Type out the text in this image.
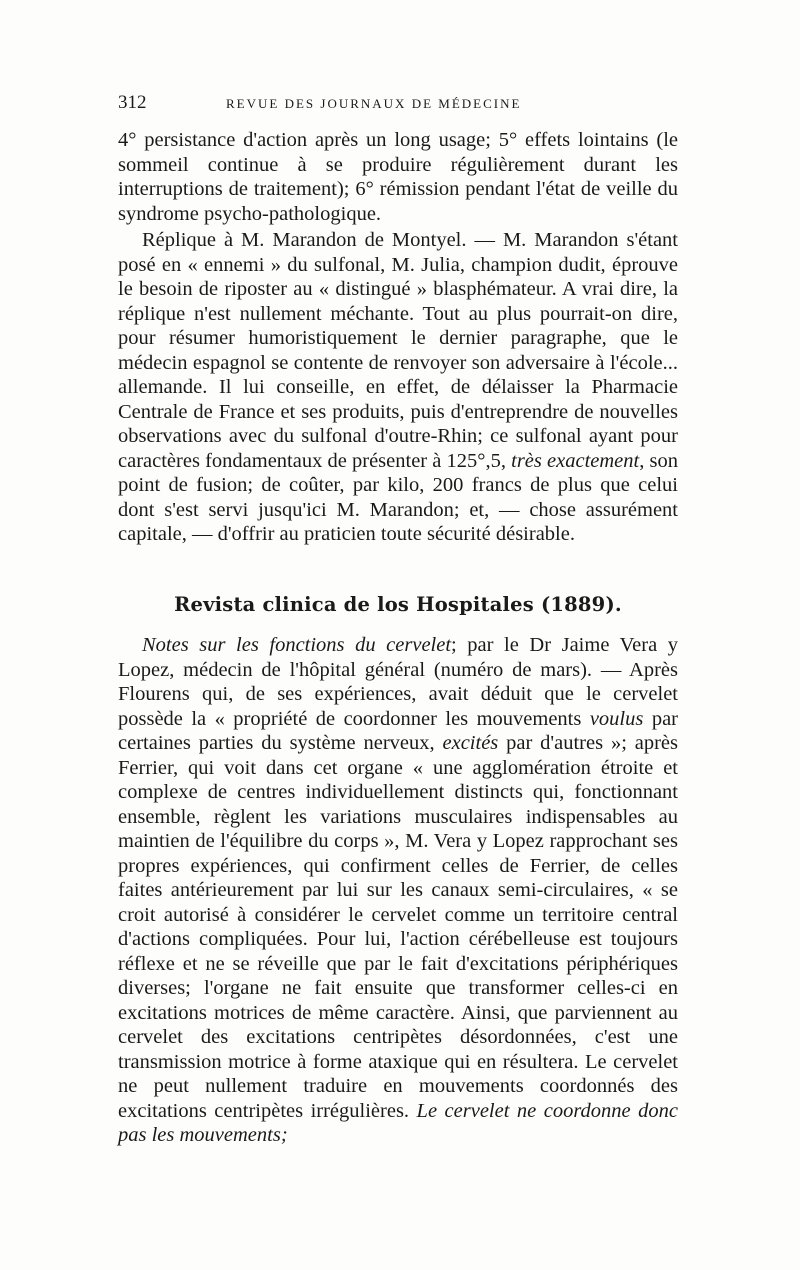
312	REVUE DES JOURNAUX DE MÉDECINE

4° persistance d'action après un long usage; 5° effets lointains (le sommeil continue à se produire régulièrement durant les interruptions de traitement); 6° rémission pendant l'état de veille du syndrome psycho-pathologique.

Réplique à M. Marandon de Montyel. — M. Marandon s'étant posé en « ennemi » du sulfonal, M. Julia, champion dudit, éprouve le besoin de riposter au « distingué » blasphémateur. A vrai dire, la réplique n'est nullement méchante. Tout au plus pourrait-on dire, pour résumer humoristiquement le dernier paragraphe, que le médecin espagnol se contente de renvoyer son adversaire à l'école... allemande. Il lui conseille, en effet, de délaisser la Pharmacie Centrale de France et ses produits, puis d'entreprendre de nouvelles observations avec du sulfonal d'outre-Rhin; ce sulfonal ayant pour caractères fondamentaux de présenter à 125°,5, très exactement, son point de fusion; de coûter, par kilo, 200 francs de plus que celui dont s'est servi jusqu'ici M. Marandon; et, — chose assurément capitale, — d'offrir au praticien toute sécurité désirable.

Revista clinica de los Hospitales (1889).

Notes sur les fonctions du cervelet; par le Dr Jaime Vera y Lopez, médecin de l'hôpital général (numéro de mars). — Après Flourens qui, de ses expériences, avait déduit que le cervelet possède la « propriété de coordonner les mouvements voulus par certaines parties du système nerveux, excités par d'autres »; après Ferrier, qui voit dans cet organe « une agglomération étroite et complexe de centres individuellement distincts qui, fonctionnant ensemble, règlent les variations musculaires indispensables au maintien de l'équilibre du corps », M. Vera y Lopez rapprochant ses propres expériences, qui confirment celles de Ferrier, de celles faites antérieurement par lui sur les canaux semi-circulaires, « se croit autorisé à considérer le cervelet comme un territoire central d'actions compliquées. Pour lui, l'action cérébelleuse est toujours réflexe et ne se réveille que par le fait d'excitations périphériques diverses; l'organe ne fait ensuite que transformer celles-ci en excitations motrices de même caractère. Ainsi, que parviennent au cervelet des excitations centripètes désordonnées, c'est une transmission motrice à forme ataxique qui en résultera. Le cervelet ne peut nullement traduire en mouvements coordonnés des excitations centripètes irrégulières. Le cervelet ne coordonne donc pas les mouvements;
